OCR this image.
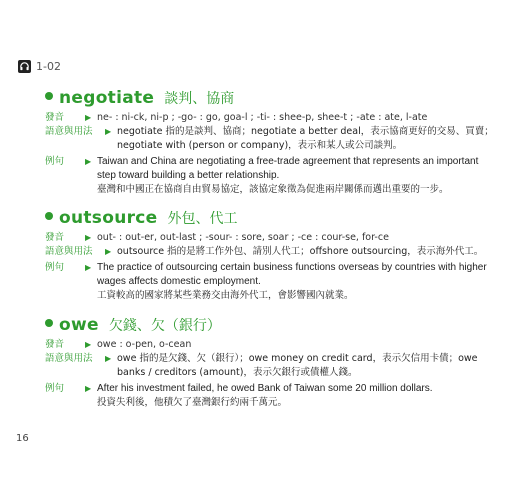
1-02
negotiate 談判、協商
發音	▶ ne- : ni-ck, ni-p ; -go- : go, goa-l ; -ti- : shee-p, shee-t ; -ate : ate, l-ate
語意與用法	▶ negotiate 指的是談判、協商；negotiate a better deal，表示協商更好的交易、買賣；
negotiate with (person or company)，表示和某人或公司談判。
例句	▶ Taiwan and China are negotiating a free-trade agreement that represents an important
step toward building a better relationship.
臺灣和中國正在協商自由貿易協定，該協定象徵為促進兩岸關係而邁出重要的一步。
outsource 外包、代工
發音	▶ out- : out-er, out-last ; -sour- : sore, soar ; -ce : cour-se, for-ce
語意與用法	▶ outsource 指的是將工作外包、請別人代工；offshore outsourcing，表示海外代工。
例句	▶ The practice of outsourcing certain business functions overseas by countries with higher
wages affects domestic employment.
工資較高的國家將某些業務交由海外代工，會影響國內就業。
owe 欠錢、欠（銀行）
發音	▶ owe : o-pen, o-cean
語意與用法	▶ owe 指的是欠錢、欠（銀行）；owe money on credit card，表示欠信用卡債；owe
banks / creditors (amount)，表示欠銀行或債權人錢。
例句	▶ After his investment failed, he owed Bank of Taiwan some 20 million dollars.
投資失利後，他積欠了臺灣銀行約兩千萬元。
16
